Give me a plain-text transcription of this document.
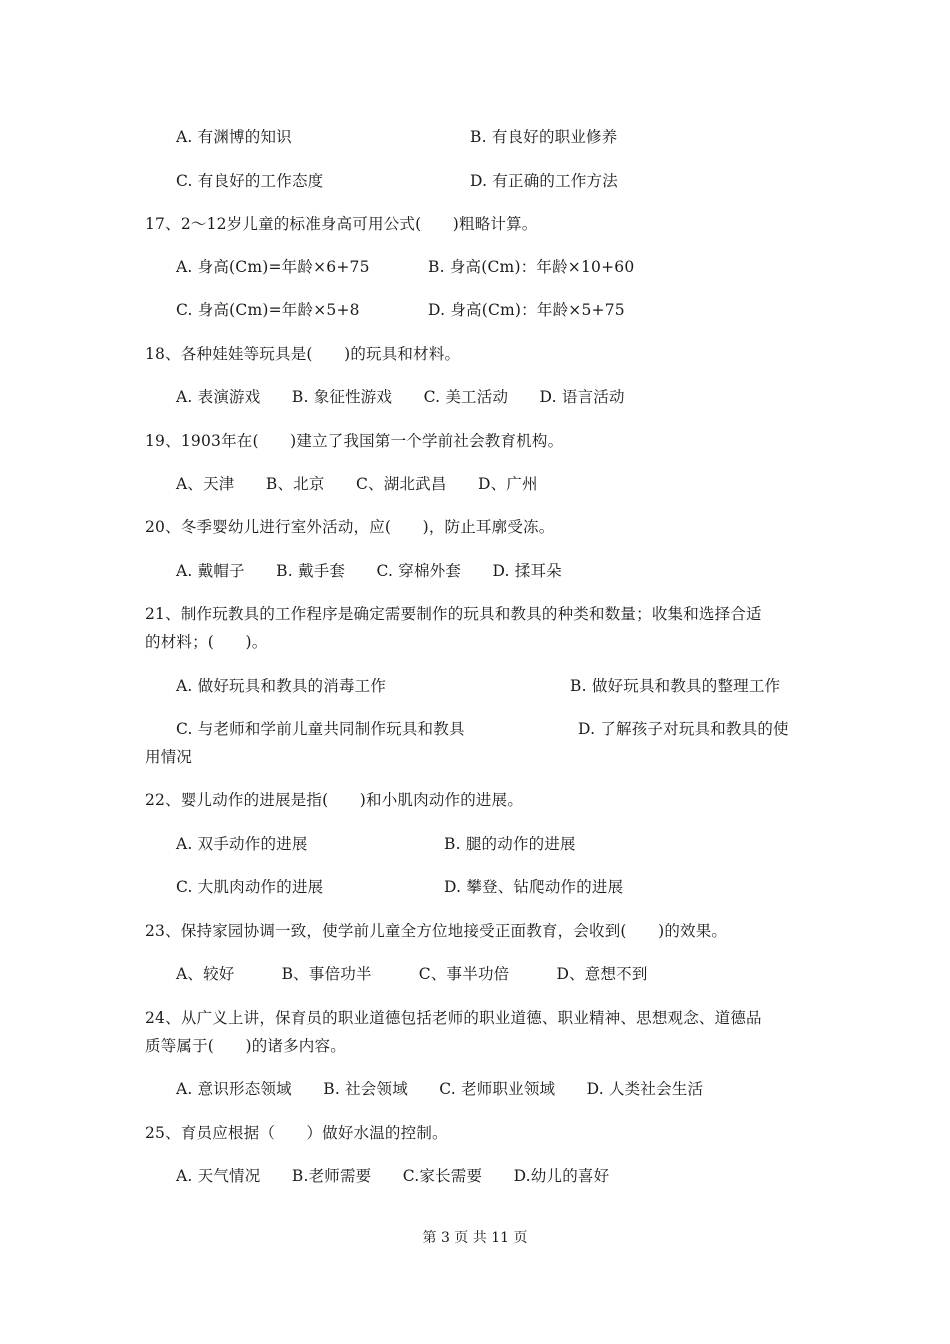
A. 有渊博的知识	B. 有良好的职业修养
C. 有良好的工作态度	D. 有正确的工作方法
17、2～12岁儿童的标准身高可用公式(　　)粗略计算。
A. 身高(Cm)=年龄×6+75	B. 身高(Cm)：年龄×10+60
C. 身高(Cm)=年龄×5+8	D. 身高(Cm)：年龄×5+75
18、各种娃娃等玩具是(　　)的玩具和材料。
A. 表演游戏　　B. 象征性游戏　　C. 美工活动　　D. 语言活动
19、1903年在(　　)建立了我国第一个学前社会教育机构。
A、天津　　B、北京　　C、湖北武昌　　D、广州
20、冬季婴幼儿进行室外活动，应(　　)，防止耳廓受冻。
A. 戴帽子　　B. 戴手套　　C. 穿棉外套　　D. 揉耳朵
21、制作玩教具的工作程序是确定需要制作的玩具和教具的种类和数量；收集和选择合适
的材料；(　　)。
A. 做好玩具和教具的消毒工作	B. 做好玩具和教具的整理工作
C. 与老师和学前儿童共同制作玩具和教具	D. 了解孩子对玩具和教具的使
用情况
22、婴儿动作的进展是指(　　)和小肌肉动作的进展。
A. 双手动作的进展	B. 腿的动作的进展
C. 大肌肉动作的进展	D. 攀登、钻爬动作的进展
23、保持家园协调一致，使学前儿童全方位地接受正面教育，会收到(　　)的效果。
A、较好　　　B、事倍功半　　　C、事半功倍　　　D、意想不到
24、从广义上讲，保育员的职业道德包括老师的职业道德、职业精神、思想观念、道德品
质等属于(　　)的诸多内容。
A. 意识形态领域　　B. 社会领域　　C. 老师职业领域　　D. 人类社会生活
25、育员应根据（　　）做好水温的控制。
A. 天气情况　　B.老师需要　　C.家长需要　　D.幼儿的喜好
第 3 页 共 11 页
